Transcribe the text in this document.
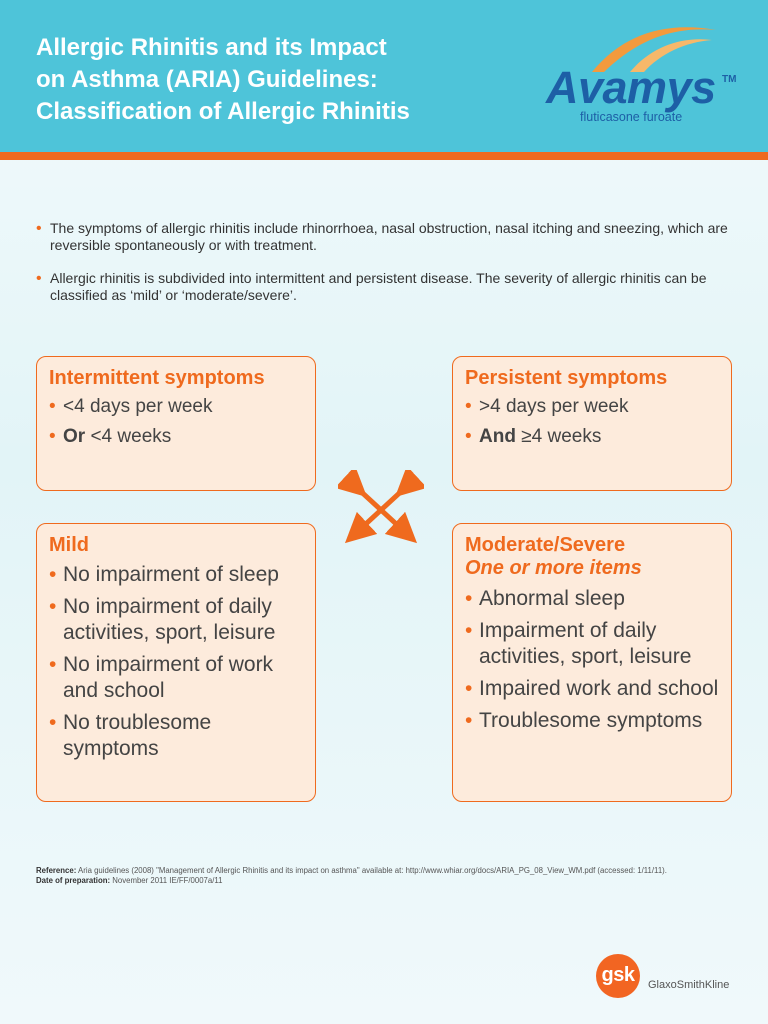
Allergic Rhinitis and its Impact
on Asthma (ARIA) Guidelines:
Classification of Allergic Rhinitis	Avamys TM
fluticasone furoate
• The symptoms of allergic rhinitis include rhinorrhoea, nasal obstruction, nasal itching and sneezing, which are reversible spontaneously or with treatment.
• Allergic rhinitis is subdivided into intermittent and persistent disease. The severity of allergic rhinitis can be classified as ‘mild’ or ‘moderate/severe’.
Intermittent symptoms
• <4 days per week
• Or <4 weeks
Persistent symptoms
• >4 days per week
• And ≥4 weeks
Mild
• No impairment of sleep
• No impairment of daily activities, sport, leisure
• No impairment of work and school
• No troublesome symptoms
Moderate/Severe
One or more items
• Abnormal sleep
• Impairment of daily activities, sport, leisure
• Impaired work and school
• Troublesome symptoms
Reference: Aria guidelines (2008) "Management of Allergic Rhinitis and its impact on asthma" available at: http://www.whiar.org/docs/ARIA_PG_08_View_WM.pdf (accessed: 1/11/11).
Date of preparation: November 2011 IE/FF/0007a/11
gsk	GlaxoSmithKline
